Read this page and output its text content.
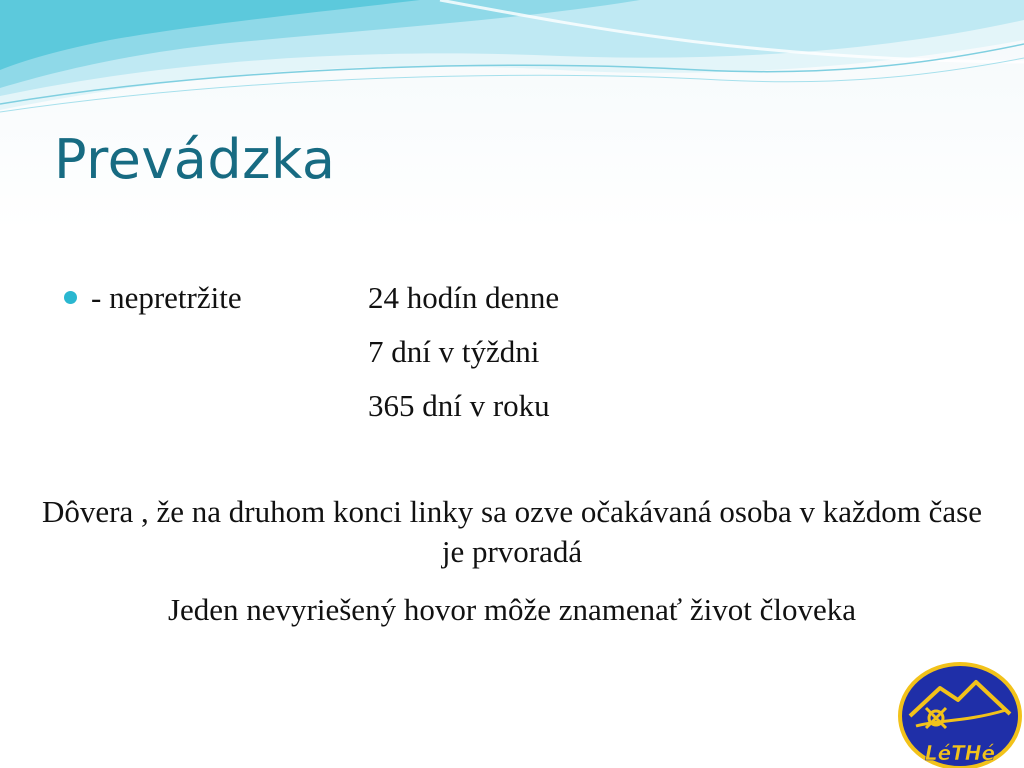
Prevádzka
- nepretržite	24 hodín denne
7 dní v týždni
365 dní v roku
Dôvera , že na druhom konci linky sa ozve očakávaná osoba v každom čase je prvoradá
Jeden nevyriešený hovor môže znamenať život človeka
LéTHé
